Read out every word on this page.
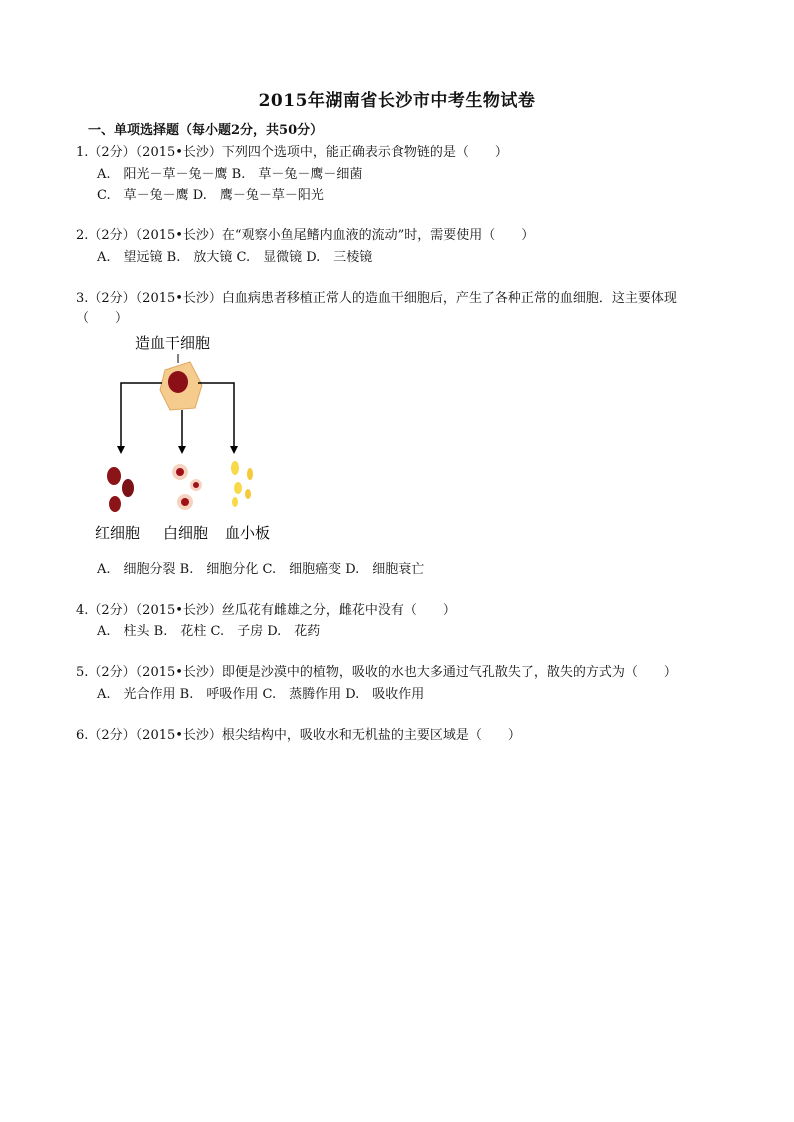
2015年湖南省长沙市中考生物试卷
一、单项选择题（每小题2分，共50分）
1.（2分）（2015•长沙）下列四个选项中，能正确表示食物链的是（　　）
A.　阳光－草－兔－鹰 B.　草－兔－鹰－细菌
C.　草－兔－鹰 D.　鹰－兔－草－阳光
2.（2分）（2015•长沙）在“观察小鱼尾鳍内血液的流动”时，需要使用（　　）
A.　望远镜 B.　放大镜 C.　显微镜 D.　三棱镜
3.（2分）（2015•长沙）白血病患者移植正常人的造血干细胞后，产生了各种正常的血细胞．这主要体现
（　　）
造血干细胞
红细胞 白细胞 血小板
A.　细胞分裂 B.　细胞分化 C.　细胞癌变 D.　细胞衰亡
4.（2分）（2015•长沙）丝瓜花有雌雄之分，雌花中没有（　　）
A.　柱头 B.　花柱 C.　子房 D.　花药
5.（2分）（2015•长沙）即便是沙漠中的植物，吸收的水也大多通过气孔散失了，散失的方式为（　　）
A.　光合作用 B.　呼吸作用 C.　蒸腾作用 D.　吸收作用
6.（2分）（2015•长沙）根尖结构中，吸收水和无机盐的主要区域是（　　）
